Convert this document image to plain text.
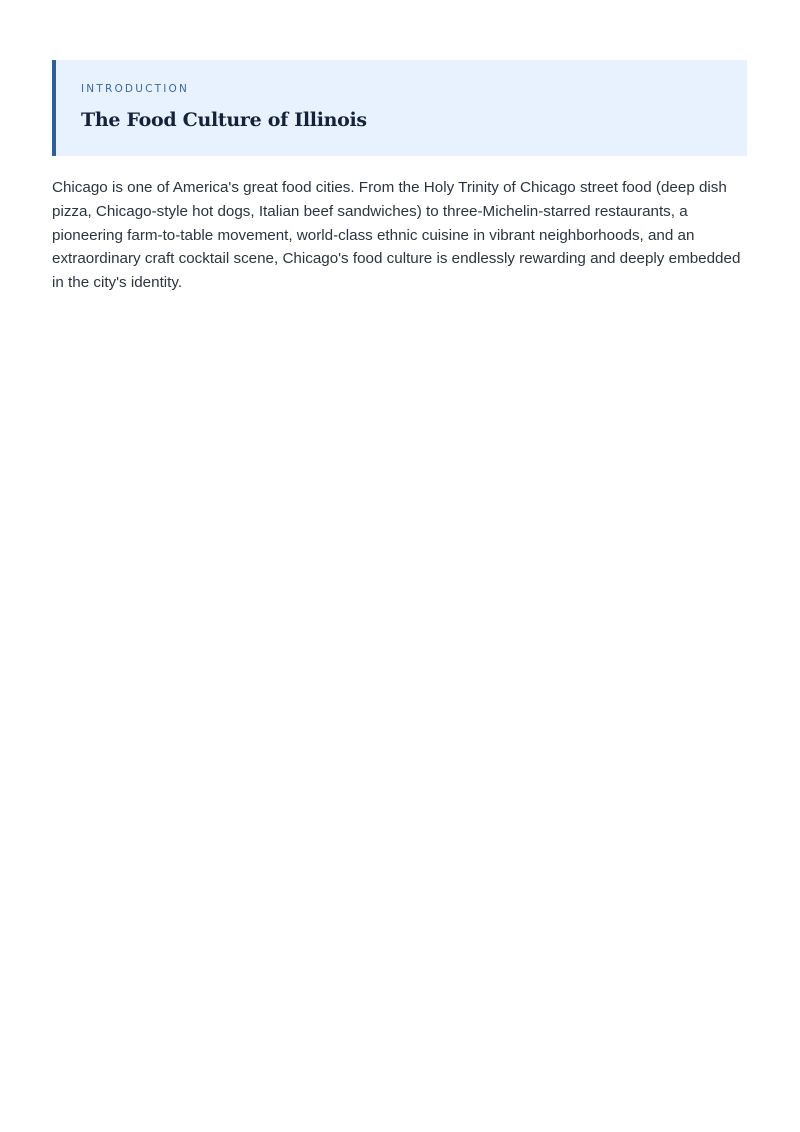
INTRODUCTION
The Food Culture of Illinois

Chicago is one of America's great food cities. From the Holy Trinity of Chicago street food (deep dish pizza, Chicago-style hot dogs, Italian beef sandwiches) to three-Michelin-starred restaurants, a pioneering farm-to-table movement, world-class ethnic cuisine in vibrant neighborhoods, and an extraordinary craft cocktail scene, Chicago's food culture is endlessly rewarding and deeply embedded in the city's identity.
